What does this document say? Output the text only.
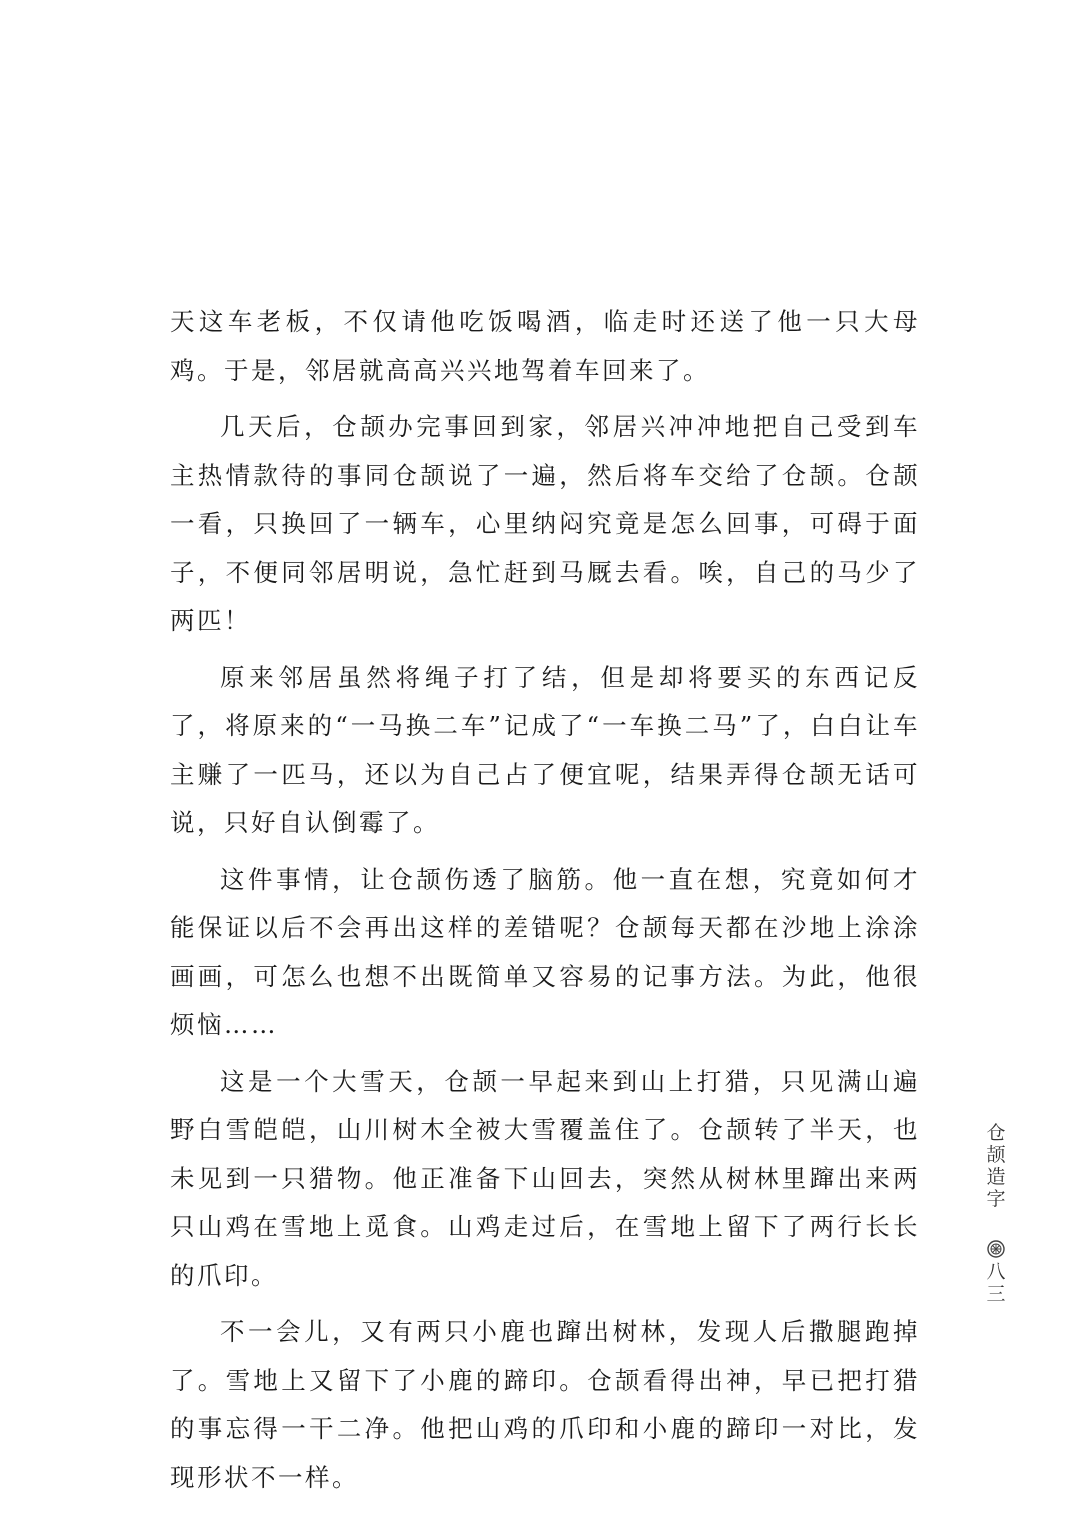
天这车老板，不仅请他吃饭喝酒，临走时还送了他一只大母鸡。于是，邻居就高高兴兴地驾着车回来了。

几天后，仓颉办完事回到家，邻居兴冲冲地把自己受到车主热情款待的事同仓颉说了一遍，然后将车交给了仓颉。仓颉一看，只换回了一辆车，心里纳闷究竟是怎么回事，可碍于面子，不便同邻居明说，急忙赶到马厩去看。唉，自己的马少了两匹！

原来邻居虽然将绳子打了结，但是却将要买的东西记反了，将原来的“一马换二车”记成了“一车换二马”了，白白让车主赚了一匹马，还以为自己占了便宜呢，结果弄得仓颉无话可说，只好自认倒霉了。

这件事情，让仓颉伤透了脑筋。他一直在想，究竟如何才能保证以后不会再出这样的差错呢？仓颉每天都在沙地上涂涂画画，可怎么也想不出既简单又容易的记事方法。为此，他很烦恼……

这是一个大雪天，仓颉一早起来到山上打猎，只见满山遍野白雪皑皑，山川树木全被大雪覆盖住了。仓颉转了半天，也未见到一只猎物。他正准备下山回去，突然从树林里蹿出来两只山鸡在雪地上觅食。山鸡走过后，在雪地上留下了两行长长的爪印。

不一会儿，又有两只小鹿也蹿出树林，发现人后撒腿跑掉了。雪地上又留下了小鹿的蹄印。仓颉看得出神，早已把打猎的事忘得一干二净。他把山鸡的爪印和小鹿的蹄印一对比，发现形状不一样。

仓
颉
造
字
八
三
